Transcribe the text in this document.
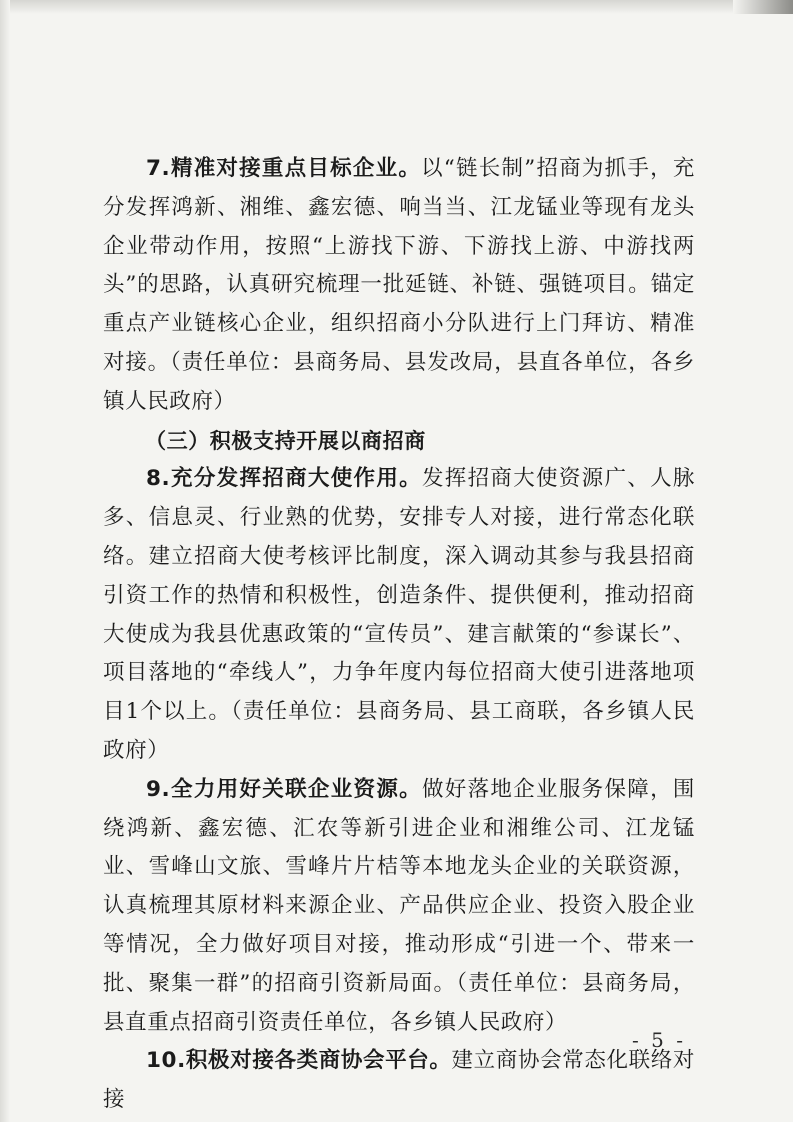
7.精准对接重点目标企业。以“链长制”招商为抓手，充分发挥鸿新、湘维、鑫宏德、响当当、江龙锰业等现有龙头企业带动作用，按照“上游找下游、下游找上游、中游找两头”的思路，认真研究梳理一批延链、补链、强链项目。锚定重点产业链核心企业，组织招商小分队进行上门拜访、精准对接。（责任单位：县商务局、县发改局，县直各单位，各乡镇人民政府）

（三）积极支持开展以商招商

8.充分发挥招商大使作用。发挥招商大使资源广、人脉多、信息灵、行业熟的优势，安排专人对接，进行常态化联络。建立招商大使考核评比制度，深入调动其参与我县招商引资工作的热情和积极性，创造条件、提供便利，推动招商大使成为我县优惠政策的“宣传员”、建言献策的“参谋长”、项目落地的“牵线人”，力争年度内每位招商大使引进落地项目1个以上。（责任单位：县商务局、县工商联，各乡镇人民政府）

9.全力用好关联企业资源。做好落地企业服务保障，围绕鸿新、鑫宏德、汇农等新引进企业和湘维公司、江龙锰业、雪峰山文旅、雪峰片片桔等本地龙头企业的关联资源，认真梳理其原材料来源企业、产品供应企业、投资入股企业等情况，全力做好项目对接，推动形成“引进一个、带来一批、聚集一群”的招商引资新局面。（责任单位：县商务局，县直重点招商引资责任单位，各乡镇人民政府）

10.积极对接各类商协会平台。建立商协会常态化联络对接

- 5 -
